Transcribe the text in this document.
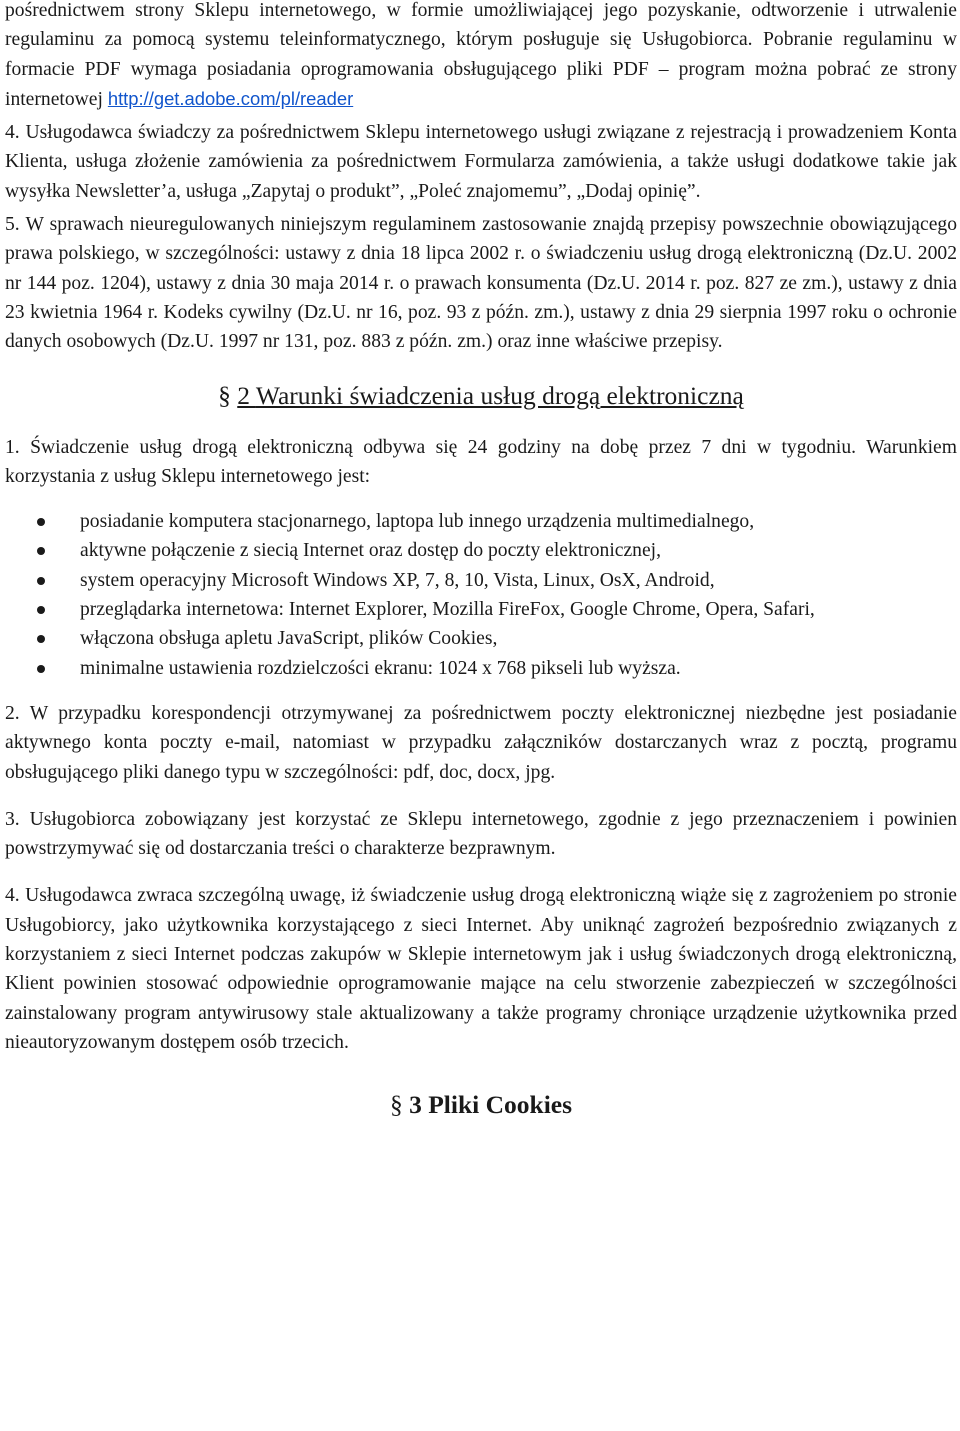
pośrednictwem strony Sklepu internetowego, w formie umożliwiającej jego pozyskanie, odtworzenie i utrwalenie regulaminu za pomocą systemu teleinformatycznego, którym posługuje się Usługobiorca. Pobranie regulaminu w formacie PDF wymaga posiadania oprogramowania obsługującego pliki PDF – program można pobrać ze strony internetowej http://get.adobe.com/pl/reader

4. Usługodawca świadczy za pośrednictwem Sklepu internetowego usługi związane z rejestracją i prowadzeniem Konta Klienta, usługa złożenie zamówienia za pośrednictwem Formularza zamówienia, a także usługi dodatkowe takie jak wysyłka Newsletter’a, usługa „Zapytaj o produkt”, „Poleć znajomemu”, „Dodaj opinię”.

5. W sprawach nieuregulowanych niniejszym regulaminem zastosowanie znajdą przepisy powszechnie obowiązującego prawa polskiego, w szczególności: ustawy z dnia 18 lipca 2002 r. o świadczeniu usług drogą elektroniczną (Dz.U. 2002 nr 144 poz. 1204), ustawy z dnia 30 maja 2014 r. o prawach konsumenta (Dz.U. 2014 r. poz. 827 ze zm.), ustawy z dnia 23 kwietnia 1964 r. Kodeks cywilny (Dz.U. nr 16, poz. 93 z późn. zm.), ustawy z dnia 29 sierpnia 1997 roku o ochronie danych osobowych (Dz.U. 1997 nr 131, poz. 883 z późn. zm.) oraz inne właściwe przepisy.

§ 2 Warunki świadczenia usług drogą elektroniczną

1. Świadczenie usług drogą elektroniczną odbywa się 24 godziny na dobę przez 7 dni w tygodniu. Warunkiem korzystania z usług Sklepu internetowego jest:

posiadanie komputera stacjonarnego, laptopa lub innego urządzenia multimedialnego,
aktywne połączenie z siecią Internet oraz dostęp do poczty elektronicznej,
system operacyjny Microsoft Windows XP, 7, 8, 10, Vista, Linux, OsX, Android,
przeglądarka internetowa: Internet Explorer, Mozilla FireFox, Google Chrome, Opera, Safari,
włączona obsługa apletu JavaScript, plików Cookies,
minimalne ustawienia rozdzielczości ekranu: 1024 x 768 pikseli lub wyższa.

2. W przypadku korespondencji otrzymywanej za pośrednictwem poczty elektronicznej niezbędne jest posiadanie aktywnego konta poczty e-mail, natomiast w przypadku załączników dostarczanych wraz z pocztą, programu obsługującego pliki danego typu w szczególności: pdf, doc, docx, jpg.

3. Usługobiorca zobowiązany jest korzystać ze Sklepu internetowego, zgodnie z jego przeznaczeniem i powinien powstrzymywać się od dostarczania treści o charakterze bezprawnym.

4. Usługodawca zwraca szczególną uwagę, iż świadczenie usług drogą elektroniczną wiąże się z zagrożeniem po stronie Usługobiorcy, jako użytkownika korzystającego z sieci Internet. Aby uniknąć zagrożeń bezpośrednio związanych z korzystaniem z sieci Internet podczas zakupów w Sklepie internetowym jak i usług świadczonych drogą elektroniczną, Klient powinien stosować odpowiednie oprogramowanie mające na celu stworzenie zabezpieczeń w szczególności zainstalowany program antywirusowy stale aktualizowany a także programy chroniące urządzenie użytkownika przed nieautoryzowanym dostępem osób trzecich.

§ 3 Pliki Cookies
